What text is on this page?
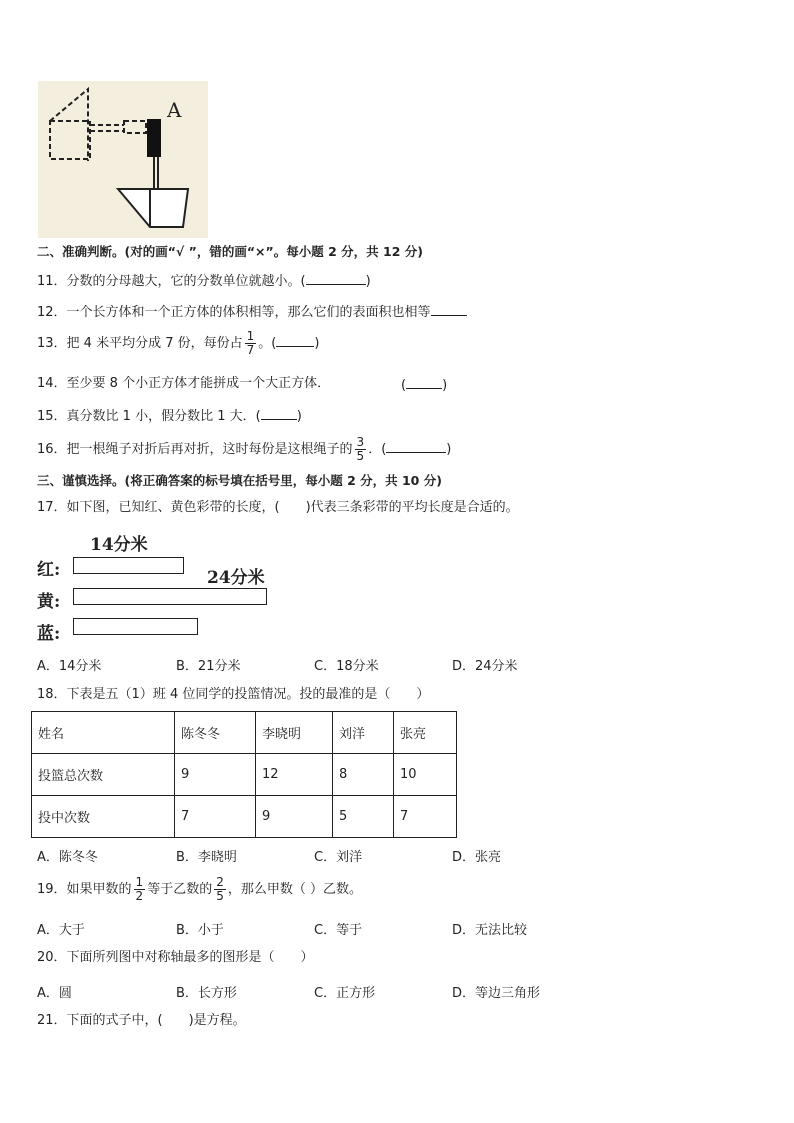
A
二、准确判断。(对的画“√ ”，错的画“×”。每小题 2 分，共 12 分)
11．分数的分母越大，它的分数单位就越小。(	)
12．一个长方体和一个正方体的体积相等，那么它们的表面积也相等
13．把 4 米平均分成 7 份，每份占 $\frac{1}{7}$ 。(	)
14．至少要 8 个小正方体才能拼成一个大正方体．	(	)
15．真分数比 1 小，假分数比 1 大．(	)
16．把一根绳子对折后再对折，这时每份是这根绳子的 $\frac{3}{5}$ ．(	)
三、谨慎选择。(将正确答案的标号填在括号里，每小题 2 分，共 10 分)
17．如下图，已知红、黄色彩带的长度，(　　)代表三条彩带的平均长度是合适的。
14分米
红:	24分米
黄:
蓝:
A．14分米	B．21分米	C．18分米	D．24分米
18．下表是五（1）班 4 位同学的投篮情况。投的最准的是（　　）
姓名	陈冬冬	李晓明	刘洋	张亮
投篮总次数	9	12	8	10
投中次数	7	9	5	7
A．陈冬冬	B．李晓明	C．刘洋	D．张亮
19．如果甲数的 $\frac{1}{2}$ 等于乙数的 $\frac{2}{5}$ ，那么甲数（ ）乙数。
A．大于	B．小于	C．等于	D．无法比较
20．下面所列图中对称轴最多的图形是（　　）
A．圆	B．长方形	C．正方形	D．等边三角形
21．下面的式子中，(　　)是方程。
